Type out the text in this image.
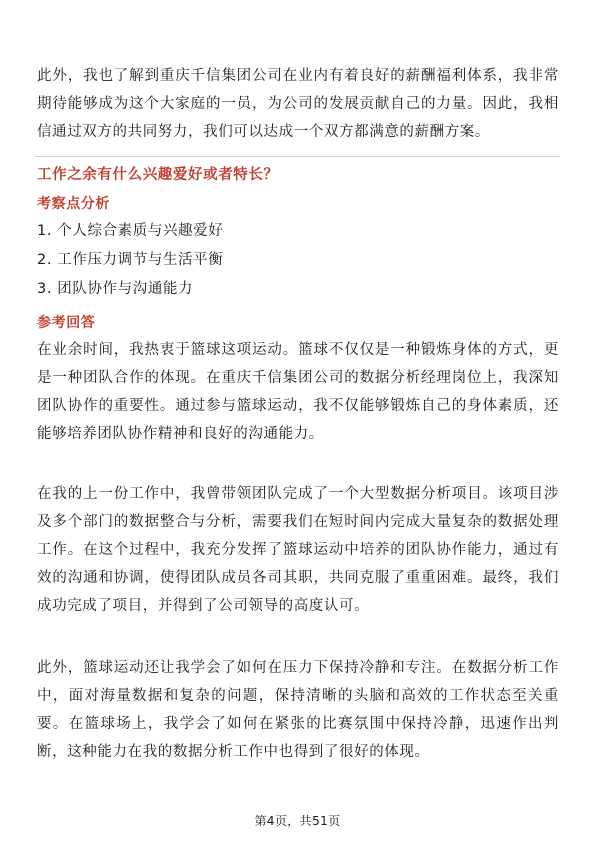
此外，我也了解到重庆千信集团公司在业内有着良好的薪酬福利体系，我非常期待能够成为这个大家庭的一员，为公司的发展贡献自己的力量。因此，我相信通过双方的共同努力，我们可以达成一个双方都满意的薪酬方案。

工作之余有什么兴趣爱好或者特长？

考察点分析

1. 个人综合素质与兴趣爱好

2. 工作压力调节与生活平衡

3. 团队协作与沟通能力

参考回答

在业余时间，我热衷于篮球这项运动。篮球不仅仅是一种锻炼身体的方式，更是一种团队合作的体现。在重庆千信集团公司的数据分析经理岗位上，我深知团队协作的重要性。通过参与篮球运动，我不仅能够锻炼自己的身体素质，还能够培养团队协作精神和良好的沟通能力。

在我的上一份工作中，我曾带领团队完成了一个大型数据分析项目。该项目涉及多个部门的数据整合与分析，需要我们在短时间内完成大量复杂的数据处理工作。在这个过程中，我充分发挥了篮球运动中培养的团队协作能力，通过有效的沟通和协调，使得团队成员各司其职，共同克服了重重困难。最终，我们成功完成了项目，并得到了公司领导的高度认可。

此外，篮球运动还让我学会了如何在压力下保持冷静和专注。在数据分析工作中，面对海量数据和复杂的问题，保持清晰的头脑和高效的工作状态至关重要。在篮球场上，我学会了如何在紧张的比赛氛围中保持冷静，迅速作出判断，这种能力在我的数据分析工作中也得到了很好的体现。

第4页，共51页
